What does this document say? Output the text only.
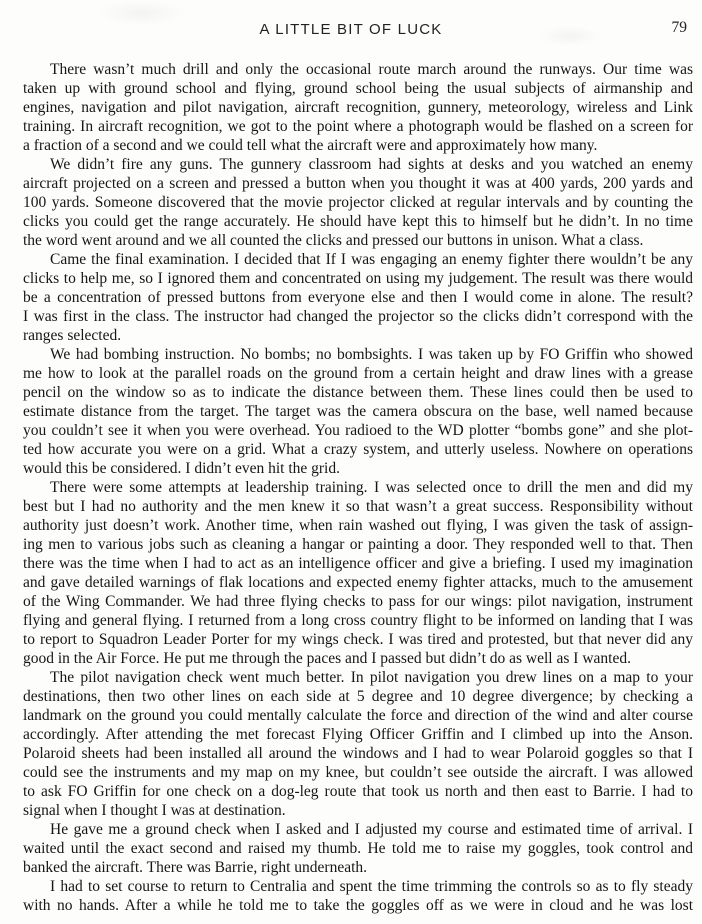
A LITTLE BIT OF LUCK	79
There wasn’t much drill and only the occasional route march around the runways. Our time was
taken up with ground school and flying, ground school being the usual subjects of airmanship and
engines, navigation and pilot navigation, aircraft recognition, gunnery, meteorology, wireless and Link
training. In aircraft recognition, we got to the point where a photograph would be flashed on a screen for
a fraction of a second and we could tell what the aircraft were and approximately how many.
We didn’t fire any guns. The gunnery classroom had sights at desks and you watched an enemy
aircraft projected on a screen and pressed a button when you thought it was at 400 yards, 200 yards and
100 yards. Someone discovered that the movie projector clicked at regular intervals and by counting the
clicks you could get the range accurately. He should have kept this to himself but he didn’t. In no time
the word went around and we all counted the clicks and pressed our buttons in unison. What a class.
Came the final examination. I decided that If I was engaging an enemy fighter there wouldn’t be any
clicks to help me, so I ignored them and concentrated on using my judgement. The result was there would
be a concentration of pressed buttons from everyone else and then I would come in alone. The result?
I was first in the class. The instructor had changed the projector so the clicks didn’t correspond with the
ranges selected.
We had bombing instruction. No bombs; no bombsights. I was taken up by FO Griffin who showed
me how to look at the parallel roads on the ground from a certain height and draw lines with a grease
pencil on the window so as to indicate the distance between them. These lines could then be used to
estimate distance from the target. The target was the camera obscura on the base, well named because
you couldn’t see it when you were overhead. You radioed to the WD plotter “bombs gone” and she plot-
ted how accurate you were on a grid. What a crazy system, and utterly useless. Nowhere on operations
would this be considered. I didn’t even hit the grid.
There were some attempts at leadership training. I was selected once to drill the men and did my
best but I had no authority and the men knew it so that wasn’t a great success. Responsibility without
authority just doesn’t work. Another time, when rain washed out flying, I was given the task of assign-
ing men to various jobs such as cleaning a hangar or painting a door. They responded well to that. Then
there was the time when I had to act as an intelligence officer and give a briefing. I used my imagination
and gave detailed warnings of flak locations and expected enemy fighter attacks, much to the amusement
of the Wing Commander. We had three flying checks to pass for our wings: pilot navigation, instrument
flying and general flying. I returned from a long cross country flight to be informed on landing that I was
to report to Squadron Leader Porter for my wings check. I was tired and protested, but that never did any
good in the Air Force. He put me through the paces and I passed but didn’t do as well as I wanted.
The pilot navigation check went much better. In pilot navigation you drew lines on a map to your
destinations, then two other lines on each side at 5 degree and 10 degree divergence; by checking a
landmark on the ground you could mentally calculate the force and direction of the wind and alter course
accordingly. After attending the met forecast Flying Officer Griffin and I climbed up into the Anson.
Polaroid sheets had been installed all around the windows and I had to wear Polaroid goggles so that I
could see the instruments and my map on my knee, but couldn’t see outside the aircraft. I was allowed
to ask FO Griffin for one check on a dog-leg route that took us north and then east to Barrie. I had to
signal when I thought I was at destination.
He gave me a ground check when I asked and I adjusted my course and estimated time of arrival. I
waited until the exact second and raised my thumb. He told me to raise my goggles, took control and
banked the aircraft. There was Barrie, right underneath.
I had to set course to return to Centralia and spent the time trimming the controls so as to fly steady
with no hands. After a while he told me to take the goggles off as we were in cloud and he was lost
